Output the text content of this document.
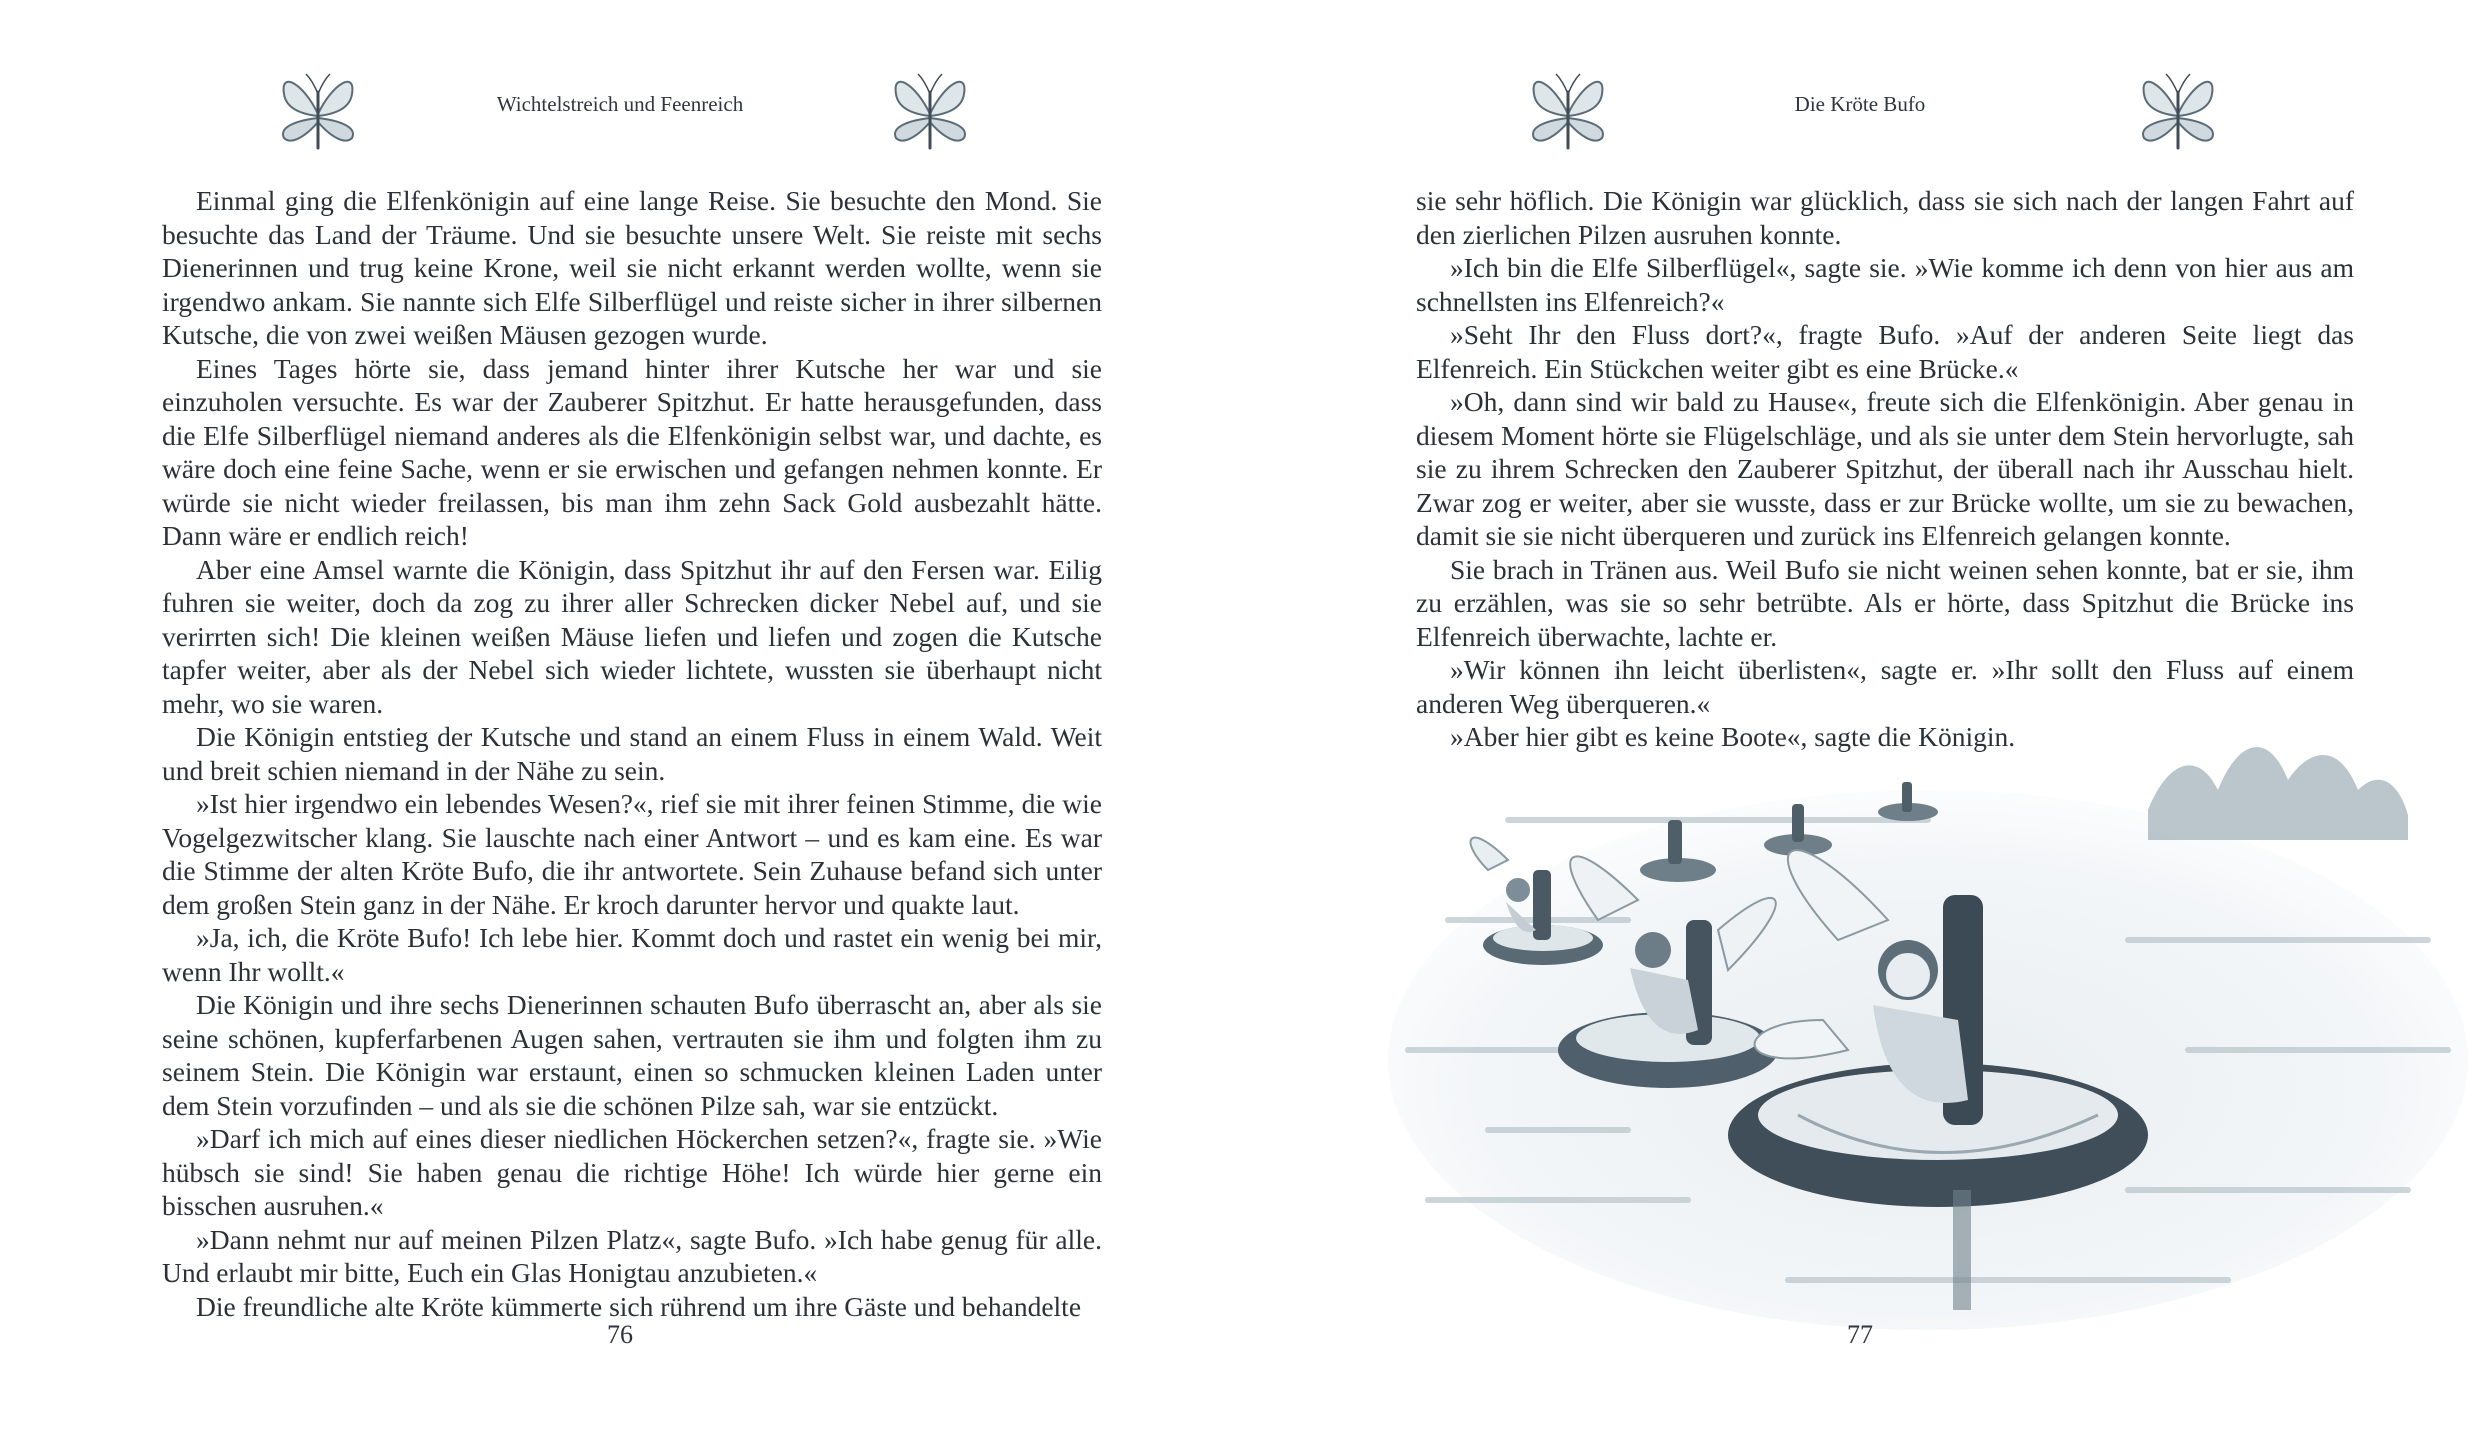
Wichtelstreich und Feenreich

Einmal ging die Elfenkönigin auf eine lange Reise. Sie besuchte den Mond. Sie besuchte das Land der Träume. Und sie besuchte unsere Welt. Sie reiste mit sechs Dienerinnen und trug keine Krone, weil sie nicht erkannt werden wollte, wenn sie irgendwo ankam. Sie nannte sich Elfe Silberflügel und reiste sicher in ihrer silbernen Kutsche, die von zwei weißen Mäusen gezogen wurde.

Eines Tages hörte sie, dass jemand hinter ihrer Kutsche her war und sie einzuholen versuchte. Es war der Zauberer Spitzhut. Er hatte herausgefunden, dass die Elfe Silberflügel niemand anderes als die Elfenkönigin selbst war, und dachte, es wäre doch eine feine Sache, wenn er sie erwischen und gefangen nehmen konnte. Er würde sie nicht wieder freilassen, bis man ihm zehn Sack Gold ausbezahlt hätte. Dann wäre er endlich reich!

Aber eine Amsel warnte die Königin, dass Spitzhut ihr auf den Fersen war. Eilig fuhren sie weiter, doch da zog zu ihrer aller Schrecken dicker Nebel auf, und sie verirrten sich! Die kleinen weißen Mäuse liefen und liefen und zogen die Kutsche tapfer weiter, aber als der Nebel sich wieder lichtete, wussten sie überhaupt nicht mehr, wo sie waren.

Die Königin entstieg der Kutsche und stand an einem Fluss in einem Wald. Weit und breit schien niemand in der Nähe zu sein.

»Ist hier irgendwo ein lebendes Wesen?«, rief sie mit ihrer feinen Stimme, die wie Vogelgezwitscher klang. Sie lauschte nach einer Antwort – und es kam eine. Es war die Stimme der alten Kröte Bufo, die ihr antwortete. Sein Zuhause befand sich unter dem großen Stein ganz in der Nähe. Er kroch darunter hervor und quakte laut.

»Ja, ich, die Kröte Bufo! Ich lebe hier. Kommt doch und rastet ein wenig bei mir, wenn Ihr wollt.«

Die Königin und ihre sechs Dienerinnen schauten Bufo überrascht an, aber als sie seine schönen, kupferfarbenen Augen sahen, vertrauten sie ihm und folgten ihm zu seinem Stein. Die Königin war erstaunt, einen so schmucken kleinen Laden unter dem Stein vorzufinden – und als sie die schönen Pilze sah, war sie entzückt.

»Darf ich mich auf eines dieser niedlichen Höckerchen setzen?«, fragte sie. »Wie hübsch sie sind! Sie haben genau die richtige Höhe! Ich würde hier gerne ein bisschen ausruhen.«

»Dann nehmt nur auf meinen Pilzen Platz«, sagte Bufo. »Ich habe genug für alle. Und erlaubt mir bitte, Euch ein Glas Honigtau anzubieten.«

Die freundliche alte Kröte kümmerte sich rührend um ihre Gäste und behandelte

76
Die Kröte Bufo

sie sehr höflich. Die Königin war glücklich, dass sie sich nach der langen Fahrt auf den zierlichen Pilzen ausruhen konnte.

»Ich bin die Elfe Silberflügel«, sagte sie. »Wie komme ich denn von hier aus am schnellsten ins Elfenreich?«

»Seht Ihr den Fluss dort?«, fragte Bufo. »Auf der anderen Seite liegt das Elfenreich. Ein Stückchen weiter gibt es eine Brücke.«

»Oh, dann sind wir bald zu Hause«, freute sich die Elfenkönigin. Aber genau in diesem Moment hörte sie Flügelschläge, und als sie unter dem Stein hervorlugte, sah sie zu ihrem Schrecken den Zauberer Spitzhut, der überall nach ihr Ausschau hielt. Zwar zog er weiter, aber sie wusste, dass er zur Brücke wollte, um sie zu bewachen, damit sie sie nicht überqueren und zurück ins Elfenreich gelangen konnte.

Sie brach in Tränen aus. Weil Bufo sie nicht weinen sehen konnte, bat er sie, ihm zu erzählen, was sie so sehr betrübte. Als er hörte, dass Spitzhut die Brücke ins Elfenreich überwachte, lachte er.

»Wir können ihn leicht überlisten«, sagte er. »Ihr sollt den Fluss auf einem anderen Weg überqueren.«

»Aber hier gibt es keine Boote«, sagte die Königin.

77
